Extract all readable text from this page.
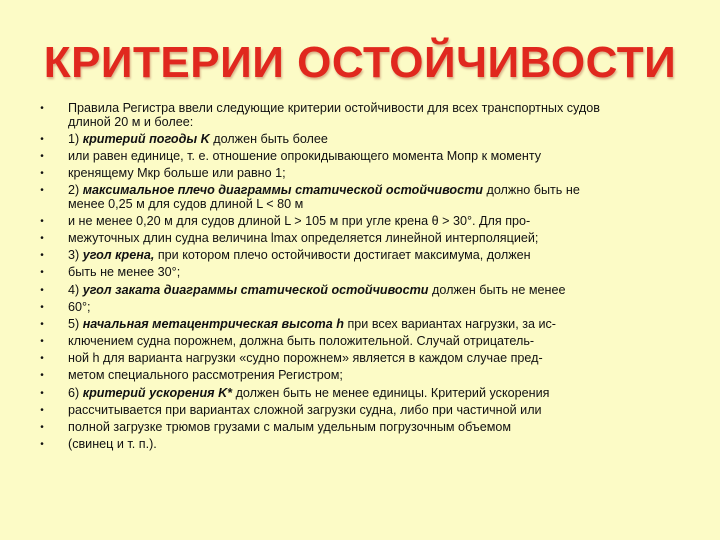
КРИТЕРИИ ОСТОЙЧИВОСТИ
• Правила Регистра ввели следующие критерии остойчивости для всех транспортных судов
длиной 20 м и более:
• 1) критерий погоды K должен быть более
• или равен единице, т. е. отношение опрокидывающего момента Mопр к моменту
• кренящему Mкр больше или равно 1;
• 2) максимальное плечо диаграммы статической остойчивости должно быть не
менее 0,25 м для судов длиной L < 80 м
• и не менее 0,20 м для судов длиной L > 105 м при угле крена θ > 30°. Для про-
• межуточных длин судна величина lmax определяется линейной интерполяцией;
• 3) угол крена, при котором плечо остойчивости достигает максимума, должен
• быть не менее 30°;
• 4) угол заката диаграммы статической остойчивости должен быть не менее
• 60°;
• 5) начальная метацентрическая высота h при всех вариантах нагрузки, за ис-
• ключением судна порожнем, должна быть положительной. Случай отрицатель-
• ной h для варианта нагрузки «судно порожнем» является в каждом случае пред-
• метом специального рассмотрения Регистром;
• 6) критерий ускорения K* должен быть не менее единицы. Критерий ускорения
• рассчитывается при вариантах сложной загрузки судна, либо при частичной или
• полной загрузке трюмов грузами с малым удельным погрузочным объемом
• (свинец и т. п.).
